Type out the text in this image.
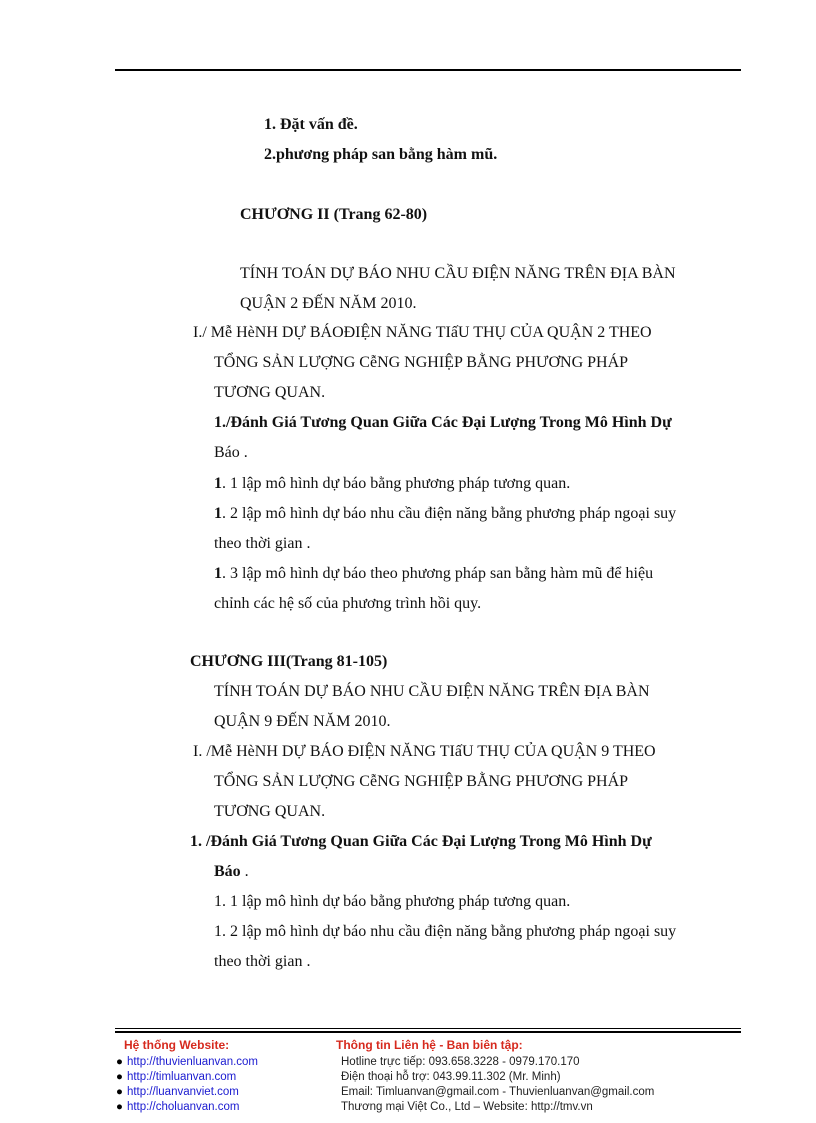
1. Đặt vấn đề.
2.phương pháp san bằng hàm mũ.
CHƯƠNG II (Trang 62-80)
TÍNH TOÁN DỰ BÁO NHU CẦU ĐIỆN NĂNG TRÊN ĐỊA BÀN
QUẬN 2 ĐẾN NĂM 2010.
I./ Mễ HèNH DỰ BÁOĐIỆN NĂNG TIấU THỤ CỦA QUẬN 2 THEO
TỔNG SẢN LƯỢNG CễNG NGHIỆP BẰNG PHƯƠNG PHÁP
TƯƠNG QUAN.
1./Đánh Giá Tương Quan Giữa Các Đại Lượng Trong Mô Hình Dự
Báo .
1. 1 lập mô hình dự báo bằng phương pháp tương quan.
1. 2 lập mô hình dự báo nhu cầu điện năng bằng phương pháp ngoại suy
theo thời gian .
1. 3 lập mô hình dự báo theo phương pháp san bằng hàm mũ để hiệu
chỉnh các hệ số của phương trình hồi quy.
CHƯƠNG III(Trang 81-105)
TÍNH TOÁN DỰ BÁO NHU CẦU ĐIỆN NĂNG TRÊN ĐỊA BÀN
QUẬN 9 ĐẾN NĂM 2010.
I. /Mễ HèNH DỰ BÁO ĐIỆN NĂNG TIấU THỤ CỦA QUẬN 9 THEO
TỔNG SẢN LƯỢNG CễNG NGHIỆP BẰNG PHƯƠNG PHÁP
TƯƠNG QUAN.
1. /Đánh Giá Tương Quan Giữa Các Đại Lượng Trong Mô Hình Dự
Báo .
1. 1 lập mô hình dự báo bằng phương pháp tương quan.
1. 2 lập mô hình dự báo nhu cầu điện năng bằng phương pháp ngoại suy
theo thời gian .
Hệ thống Website:	Thông tin Liên hệ - Ban biên tập:
● http://thuvienluanvan.com
● http://timluanvan.com
● http://luanvanviet.com
● http://choluanvan.com
Hotline trực tiếp: 093.658.3228 - 0979.170.170
Điện thoại hỗ trợ: 043.99.11.302 (Mr. Minh)
Email: Timluanvan@gmail.com - Thuvienluanvan@gmail.com
Thương mại Việt Co., Ltd – Website: http://tmv.vn
